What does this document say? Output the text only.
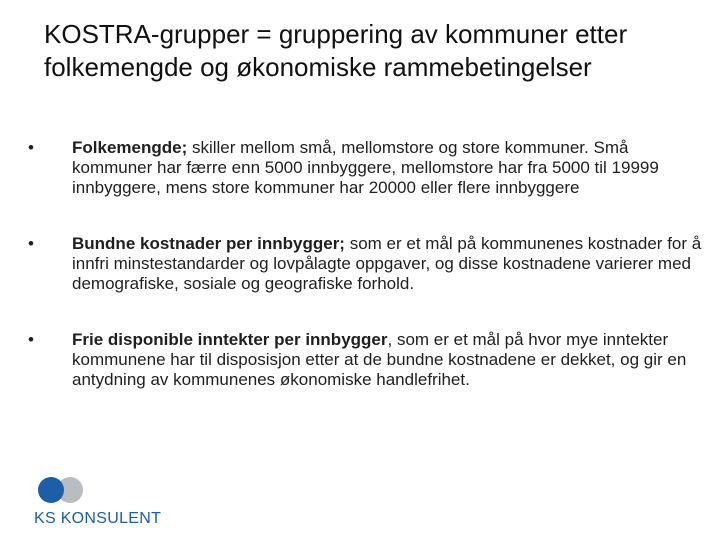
KOSTRA-grupper = gruppering av kommuner etter folkemengde og økonomiske rammebetingelser
•	Folkemengde; skiller mellom små, mellomstore og store kommuner. Små kommuner har færre enn 5000 innbyggere, mellomstore har fra 5000 til 19999 innbyggere, mens store kommuner har 20000 eller flere innbyggere
•	Bundne kostnader per innbygger; som er et mål på kommunenes kostnader for å innfri minstestandarder og lovpålagte oppgaver, og disse kostnadene varierer med demografiske, sosiale og geografiske forhold.
•	Frie disponible inntekter per innbygger, som er et mål på hvor mye inntekter kommunene har til disposisjon etter at de bundne kostnadene er dekket, og gir en antydning av kommunenes økonomiske handlefrihet.
KS KONSULENT
